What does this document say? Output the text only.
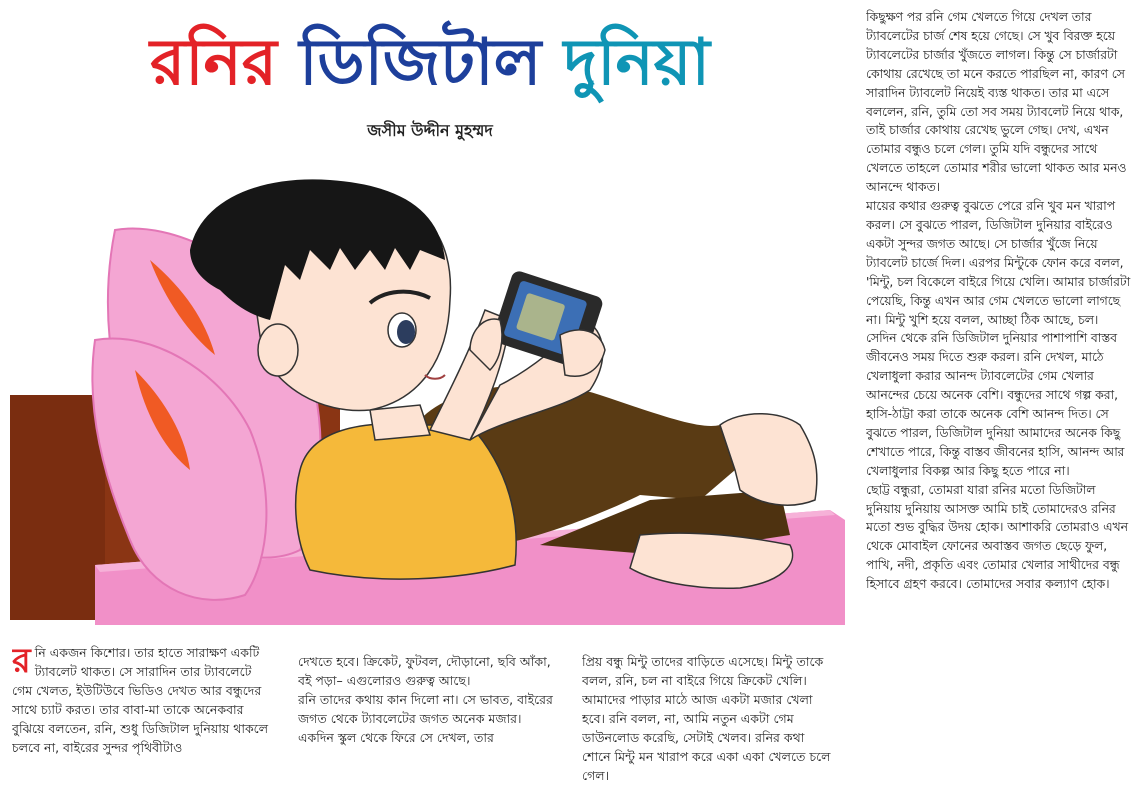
রনির ডিজিটাল দুনিয়া
জসীম উদ্দীন মুহম্মদ
র নি একজন কিশোর। তার হাতে সারাক্ষণ একটি ট্যাবলেট থাকত। সে সারাদিন তার ট্যাবলেটে গেম খেলত, ইউটিউবে ভিডিও দেখত আর বন্ধুদের সাথে চ্যাট করত। তার বাবা-মা তাকে অনেকবার বুঝিয়ে বলতেন, রনি, শুধু ডিজিটাল দুনিয়ায় থাকলে চলবে না, বাইরের সুন্দর পৃথিবীটাও

দেখতে হবে। ক্রিকেট, ফুটবল, দৌড়ানো, ছবি আঁকা, বই পড়া– এগুলোরও গুরুত্ব আছে।
রনি তাদের কথায় কান দিলো না। সে ভাবত, বাইরের জগত থেকে ট্যাবলেটের জগত অনেক মজার।
একদিন স্কুল থেকে ফিরে সে দেখল, তার

প্রিয় বন্ধু মিন্টু তাদের বাড়িতে এসেছে। মিন্টু তাকে বলল, রনি, চল না বাইরে গিয়ে ক্রিকেট খেলি। আমাদের পাড়ার মাঠে আজ একটা মজার খেলা হবে। রনি বলল, না, আমি নতুন একটা গেম ডাউনলোড করেছি, সেটাই খেলব। রনির কথা শোনে মিন্টু মন খারাপ করে একা একা খেলতে চলে গেল।

কিছুক্ষণ পর রনি গেম খেলতে গিয়ে দেখল তার ট্যাবলেটের চার্জ শেষ হয়ে গেছে। সে খুব বিরক্ত হয়ে ট্যাবলেটের চার্জার খুঁজতে লাগল। কিন্তু সে চার্জারটা কোথায় রেখেছে তা মনে করতে পারছিল না, কারণ সে সারাদিন ট্যাবলেট নিয়েই ব্যস্ত থাকত। তার মা এসে বললেন, রনি, তুমি তো সব সময় ট্যাবলেট নিয়ে থাক, তাই চার্জার কোথায় রেখেছ ভুলে গেছ। দেখ, এখন তোমার বন্ধুও চলে গেল। তুমি যদি বন্ধুদের সাথে খেলতে তাহলে তোমার শরীর ভালো থাকত আর মনও আনন্দে থাকত।
মায়ের কথার গুরুত্ব বুঝতে পেরে রনি খুব মন খারাপ করল। সে বুঝতে পারল, ডিজিটাল দুনিয়ার বাইরেও একটা সুন্দর জগত আছে। সে চার্জার খুঁজে নিয়ে ট্যাবলেট চার্জে দিল। এরপর মিন্টুকে ফোন করে বলল, 'মিন্টু, চল বিকেলে বাইরে গিয়ে খেলি। আমার চার্জারটা পেয়েছি, কিন্তু এখন আর গেম খেলতে ভালো লাগছে না। মিন্টু খুশি হয়ে বলল, আচ্ছা ঠিক আছে, চল।
সেদিন থেকে রনি ডিজিটাল দুনিয়ার পাশাপাশি বাস্তব জীবনেও সময় দিতে শুরু করল। রনি দেখল, মাঠে খেলাধুলা করার আনন্দ ট্যাবলেটের গেম খেলার আনন্দের চেয়ে অনেক বেশি। বন্ধুদের সাথে গল্প করা, হাসি-ঠাট্টা করা তাকে অনেক বেশি আনন্দ দিত। সে বুঝতে পারল, ডিজিটাল দুনিয়া আমাদের অনেক কিছু শেখাতে পারে, কিন্তু বাস্তব জীবনের হাসি, আনন্দ আর খেলাধুলার বিকল্প আর কিছু হতে পারে না।
ছোট্ট বন্ধুরা, তোমরা যারা রনির মতো ডিজিটাল দুনিয়ায় দুনিয়ায় আসক্ত আমি চাই তোমাদেরও রনির মতো শুভ বুদ্ধির উদয় হোক। আশাকরি তোমরাও এখন থেকে মোবাইল ফোনের অবাস্তব জগত ছেড়ে ফুল, পাখি, নদী, প্রকৃতি এবং তোমার খেলার সাথীদের বন্ধু হিসাবে গ্রহণ করবে। তোমাদের সবার কল্যাণ হোক।
